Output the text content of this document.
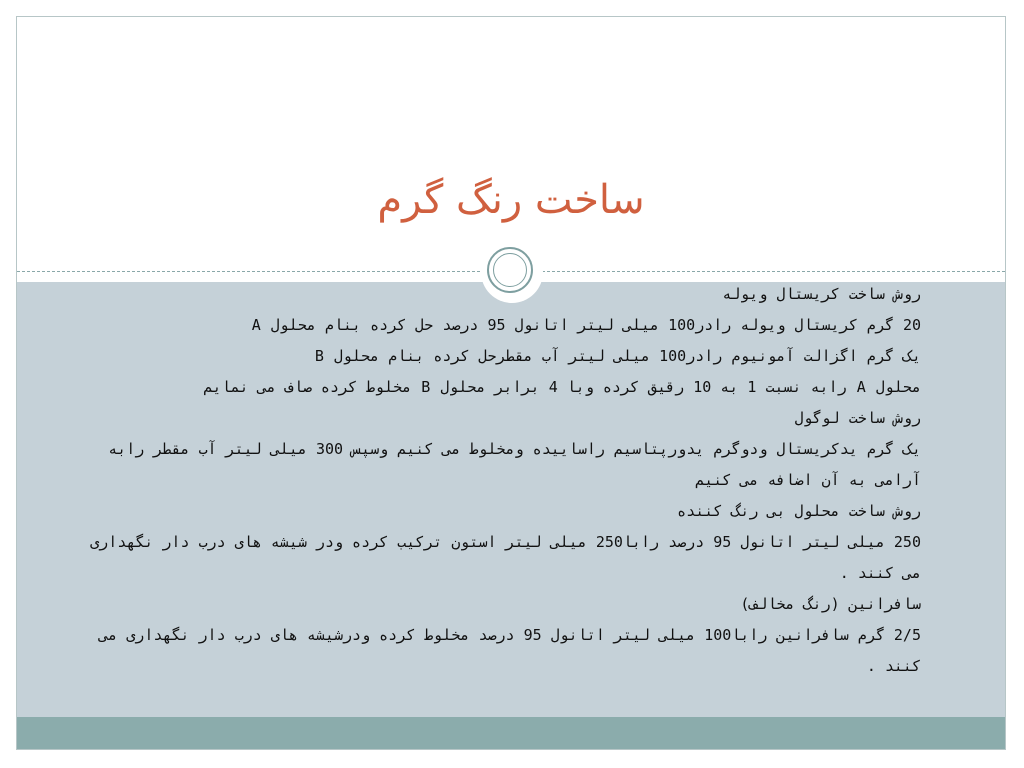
ساخت رنگ گرم

روش ساخت کریستال ویوله

20 گرم کریستال ویوله رادر100 میلی لیتر اتانول 95 درصد حل کرده بنام محلول A

یک گرم اگزالت آمونیوم رادر100 میلی لیتر آب مقطرحل کرده بنام محلول B

محلول A رابه نسبت 1 به 10 رقیق کرده وبا 4 برابر محلول B مخلوط کرده صاف می نمایم

روش ساخت لوگول

یک گرم یدکریستال ودوگرم یدورپتاسیم راساییده ومخلوط می کنیم وسپس 300 میلی لیتر آب مقطر رابه آرامی به آن اضافه می کنیم

روش ساخت محلول بی رنگ کننده

250 میلی لیتر اتانول 95 درصد رابا250 میلی لیتر استون ترکیب کرده ودر شیشه های درب دار نگهداری می کنند .

سافرانین (رنگ مخالف)

2/5 گرم سافرانین رابا100 میلی لیتر اتانول 95 درصد مخلوط کرده ودرشیشه های درب دار نگهداری می کنند .
